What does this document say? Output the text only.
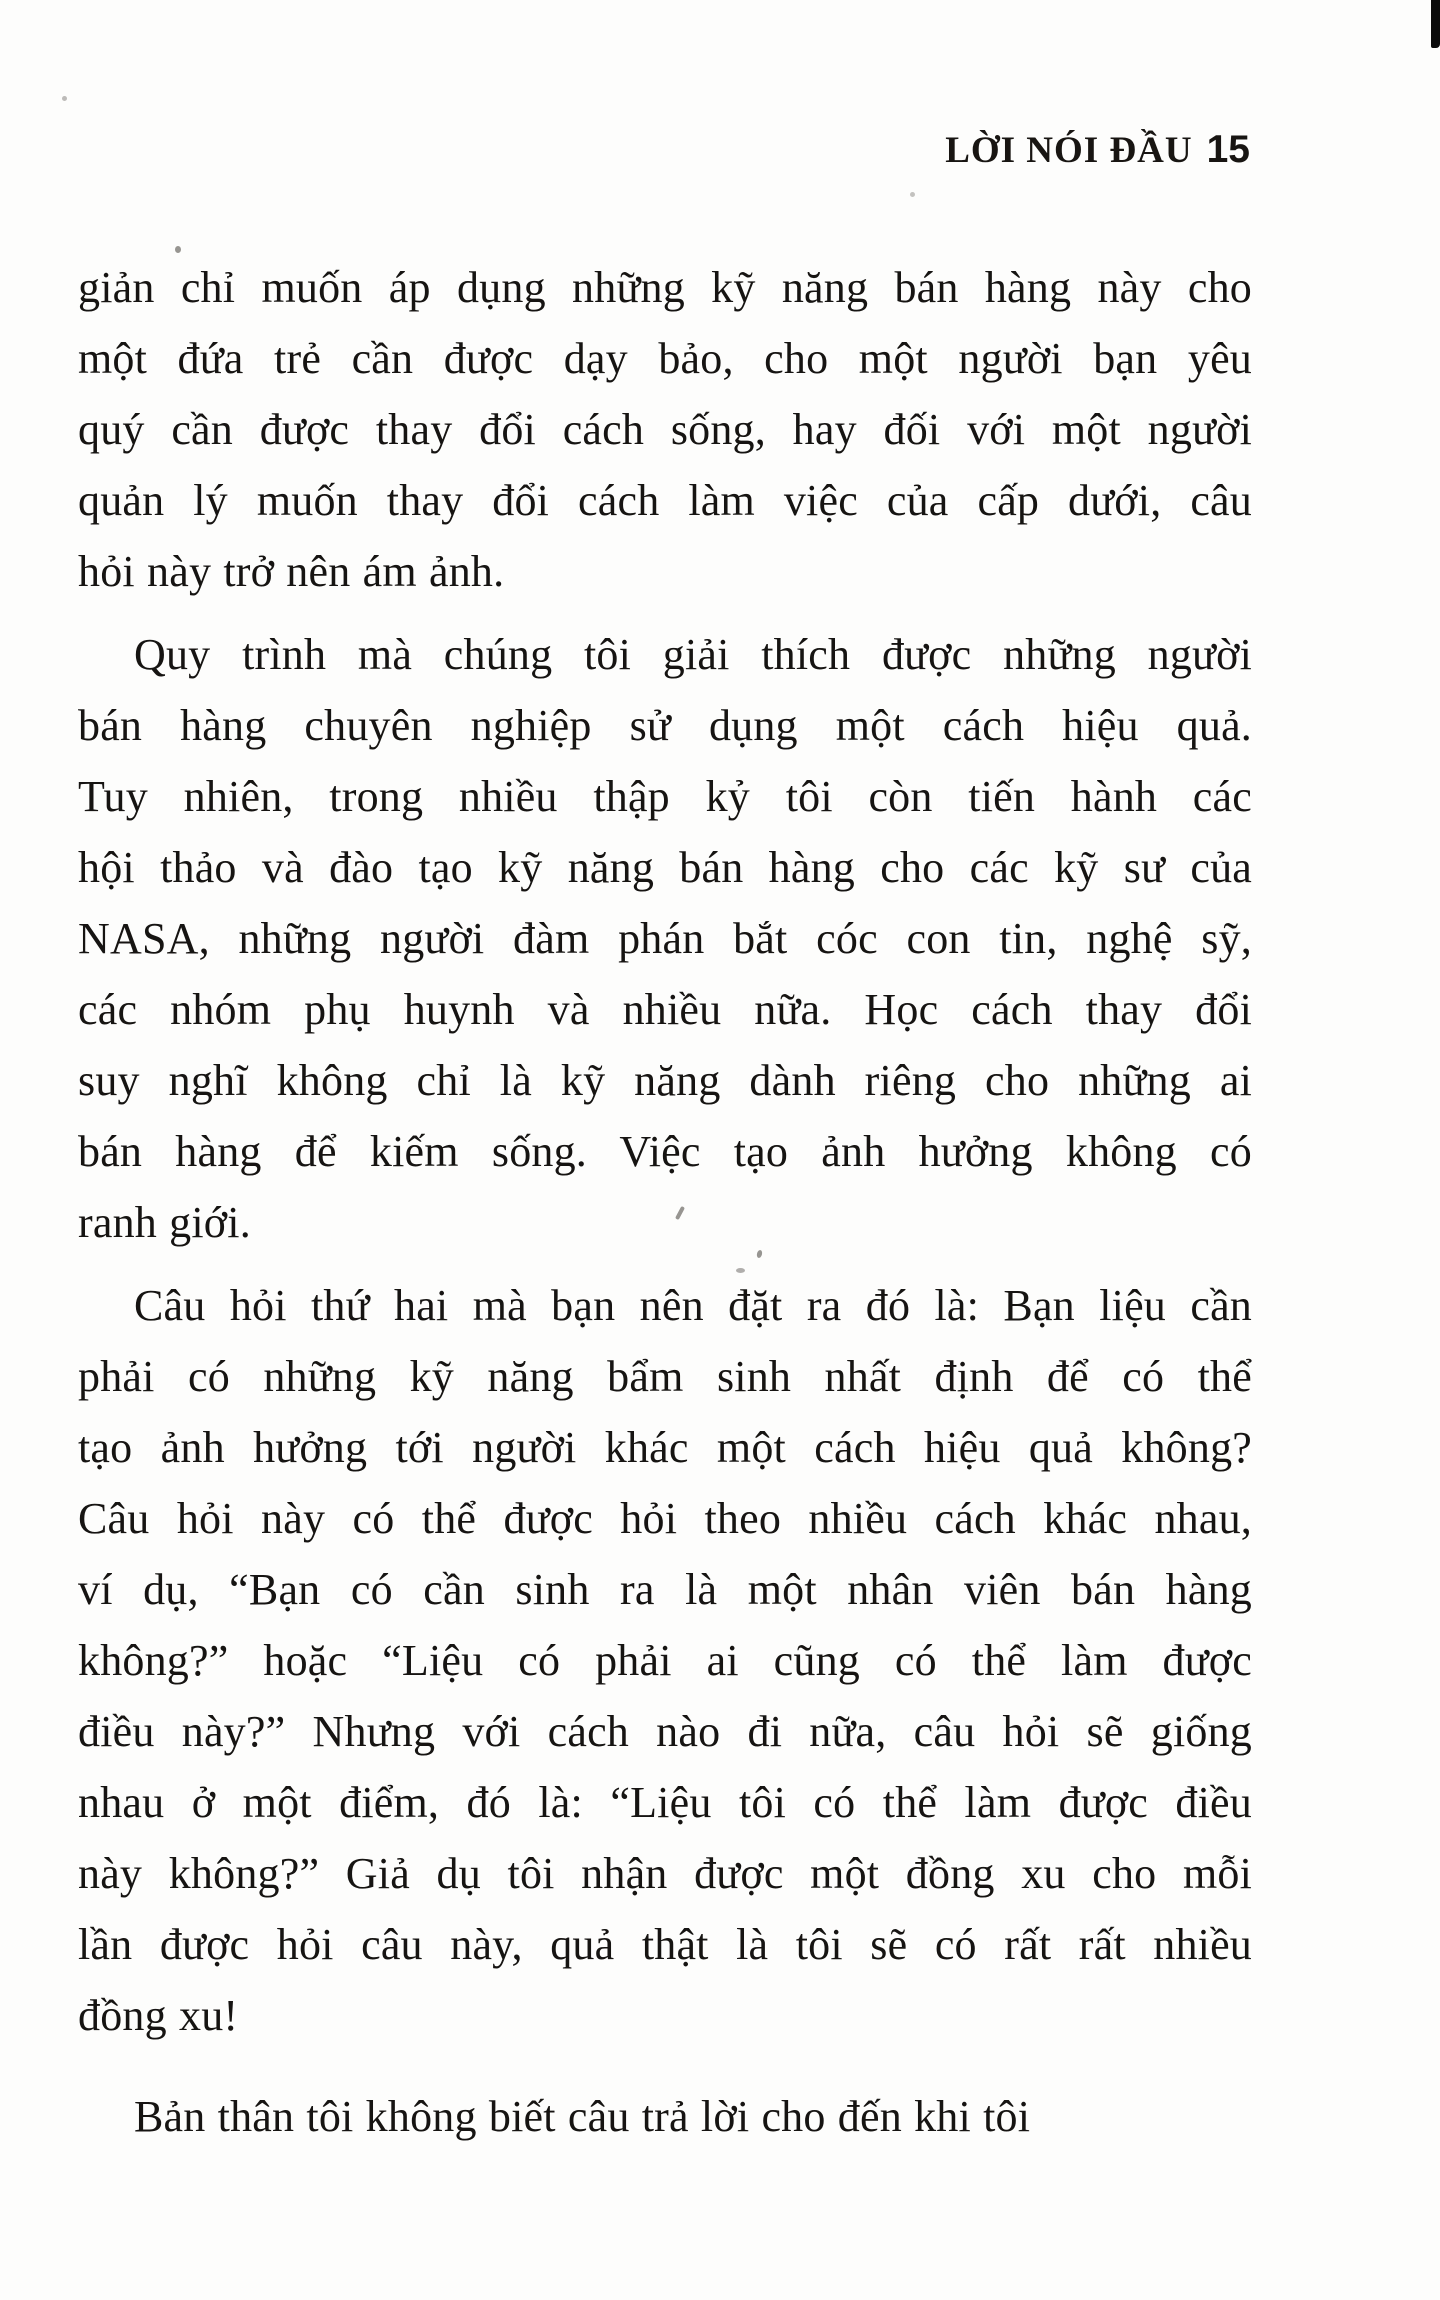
LỜI NÓI ĐẦU 15
giản chỉ muốn áp dụng những kỹ năng bán hàng này cho
một đứa trẻ cần được dạy bảo, cho một người bạn yêu
quý cần được thay đổi cách sống, hay đối với một người
quản lý muốn thay đổi cách làm việc của cấp dưới, câu
hỏi này trở nên ám ảnh.
Quy trình mà chúng tôi giải thích được những người
bán hàng chuyên nghiệp sử dụng một cách hiệu quả.
Tuy nhiên, trong nhiều thập kỷ tôi còn tiến hành các
hội thảo và đào tạo kỹ năng bán hàng cho các kỹ sư của
NASA, những người đàm phán bắt cóc con tin, nghệ sỹ,
các nhóm phụ huynh và nhiều nữa. Học cách thay đổi
suy nghĩ không chỉ là kỹ năng dành riêng cho những ai
bán hàng để kiếm sống. Việc tạo ảnh hưởng không có
ranh giới.
Câu hỏi thứ hai mà bạn nên đặt ra đó là: Bạn liệu cần
phải có những kỹ năng bẩm sinh nhất định để có thể
tạo ảnh hưởng tới người khác một cách hiệu quả không?
Câu hỏi này có thể được hỏi theo nhiều cách khác nhau,
ví dụ, “Bạn có cần sinh ra là một nhân viên bán hàng
không?” hoặc “Liệu có phải ai cũng có thể làm được
điều này?” Nhưng với cách nào đi nữa, câu hỏi sẽ giống
nhau ở một điểm, đó là: “Liệu tôi có thể làm được điều
này không?” Giả dụ tôi nhận được một đồng xu cho mỗi
lần được hỏi câu này, quả thật là tôi sẽ có rất rất nhiều
đồng xu!
Bản thân tôi không biết câu trả lời cho đến khi tôi
